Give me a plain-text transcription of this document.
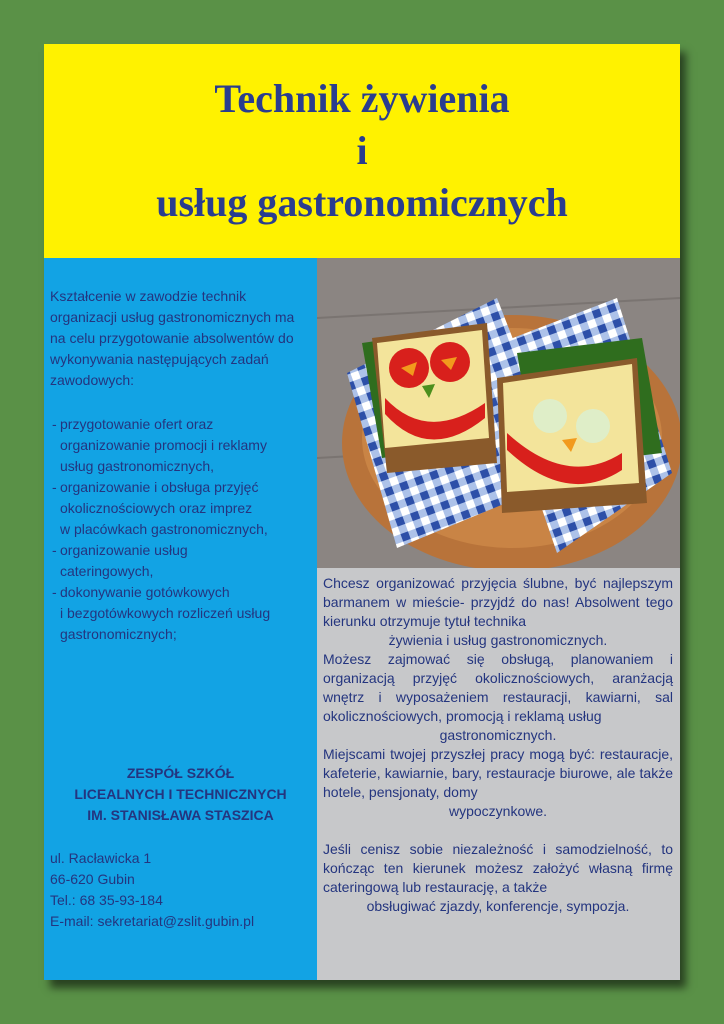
Technik żywienia
i
usług gastronomicznych
Kształcenie w zawodzie technik organizacji usług gastronomicznych ma na celu przygotowanie absolwentów do wykonywania następujących zadań zawodowych:
- przygotowanie ofert oraz
organizowanie promocji i reklamy
usług gastronomicznych,
- organizowanie i obsługa przyjęć
okolicznościowych oraz imprez
w placówkach gastronomicznych,
- organizowanie usług
cateringowych,
- dokonywanie gotówkowych
i bezgotówkowych rozliczeń usług
gastronomicznych;
ZESPÓŁ SZKÓŁ
LICEALNYCH I TECHNICZNYCH
IM. STANISŁAWA STASZICA
ul. Racławicka 1
66-620 Gubin
Tel.: 68 35-93-184
E-mail: sekretariat@zslit.gubin.pl

Chcesz organizować przyjęcia ślubne, być najlepszym barmanem w mieście- przyjdź do nas! Absolwent tego kierunku otrzymuje tytuł technika

żywienia i usług gastronomicznych.

Możesz zajmować się obsługą, planowaniem i organizacją przyjęć okolicznościowych, aranżacją wnętrz i wyposażeniem restauracji, kawiarni, sal okolicznościowych, promocją i reklamą usług

gastronomicznych.

Miejscami twojej przyszłej pracy mogą być: restauracje, kafeterie, kawiarnie, bary, restauracje biurowe, ale także hotele, pensjonaty, domy

wypoczynkowe.

Jeśli cenisz sobie niezależność i samodzielność, to kończąc ten kierunek możesz założyć własną firmę cateringową lub restaurację, a także

obsługiwać zjazdy, konferencje, sympozja.
